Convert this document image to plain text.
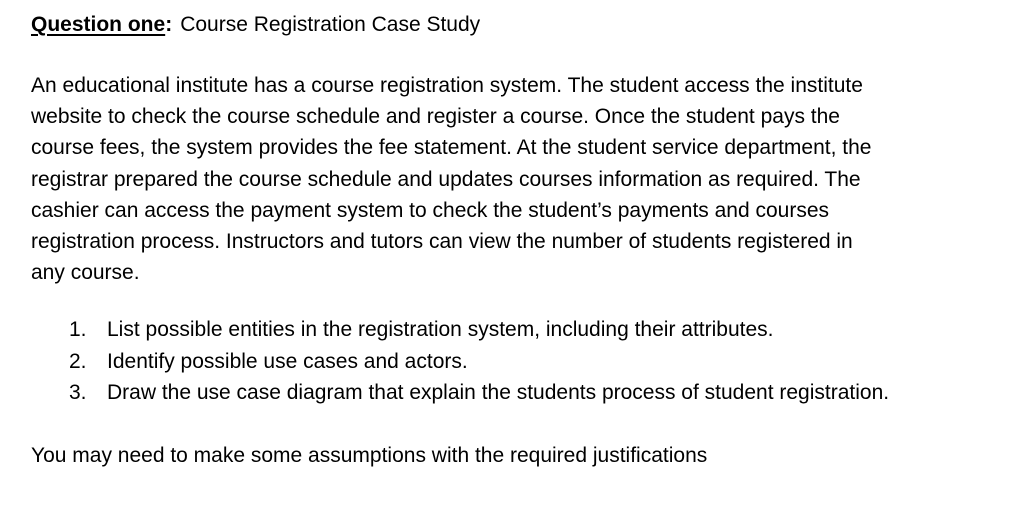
Question one: Course Registration Case Study

An educational institute has a course registration system. The student access the institute
website to check the course schedule and register a course. Once the student pays the
course fees, the system provides the fee statement. At the student service department, the
registrar prepared the course schedule and updates courses information as required. The
cashier can access the payment system to check the student’s payments and courses
registration process. Instructors and tutors can view the number of students registered in
any course.

1. List possible entities in the registration system, including their attributes.
2. Identify possible use cases and actors.
3. Draw the use case diagram that explain the students process of student registration.

You may need to make some assumptions with the required justifications
